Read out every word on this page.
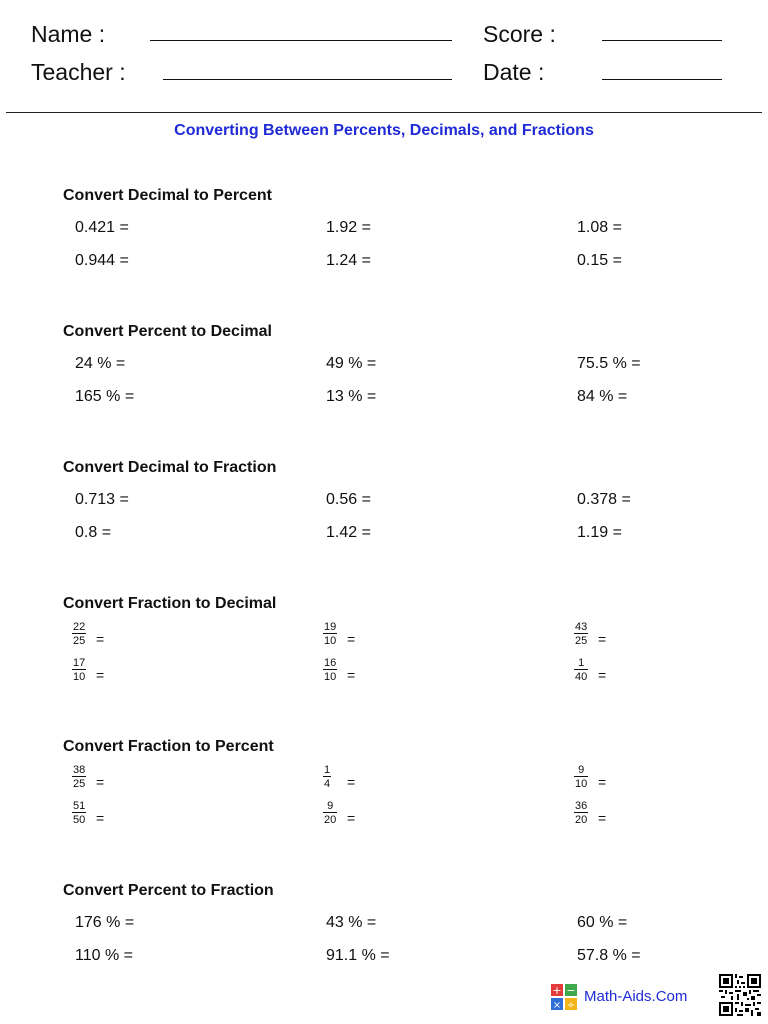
Name :
Teacher :
Score :
Date :
Converting Between Percents, Decimals, and Fractions
Convert Decimal to Percent
0.421 =	1.92 =	1.08 =
0.944 =	1.24 =	0.15 =
Convert Percent to Decimal
24 % =	49 % =	75.5 % =
165 % =	13 % =	84 % =
Convert Decimal to Fraction
0.713 =	0.56 =	0.378 =
0.8 =	1.42 =	1.19 =
Convert Fraction to Decimal
$\frac{22}{25}$ =	$\frac{19}{10}$ =	$\frac{43}{25}$ =
$\frac{17}{10}$ =	$\frac{16}{10}$ =	$\frac{1}{40}$ =
Convert Fraction to Percent
$\frac{38}{25}$ =	$\frac{1}{4}$ =	$\frac{9}{10}$ =
$\frac{51}{50}$ =	$\frac{9}{20}$ =	$\frac{36}{20}$ =
Convert Percent to Fraction
176 % =	43 % =	60 % =
110 % =	91.1 % =	57.8 % =
+ −
× ÷
Math-Aids.Com
